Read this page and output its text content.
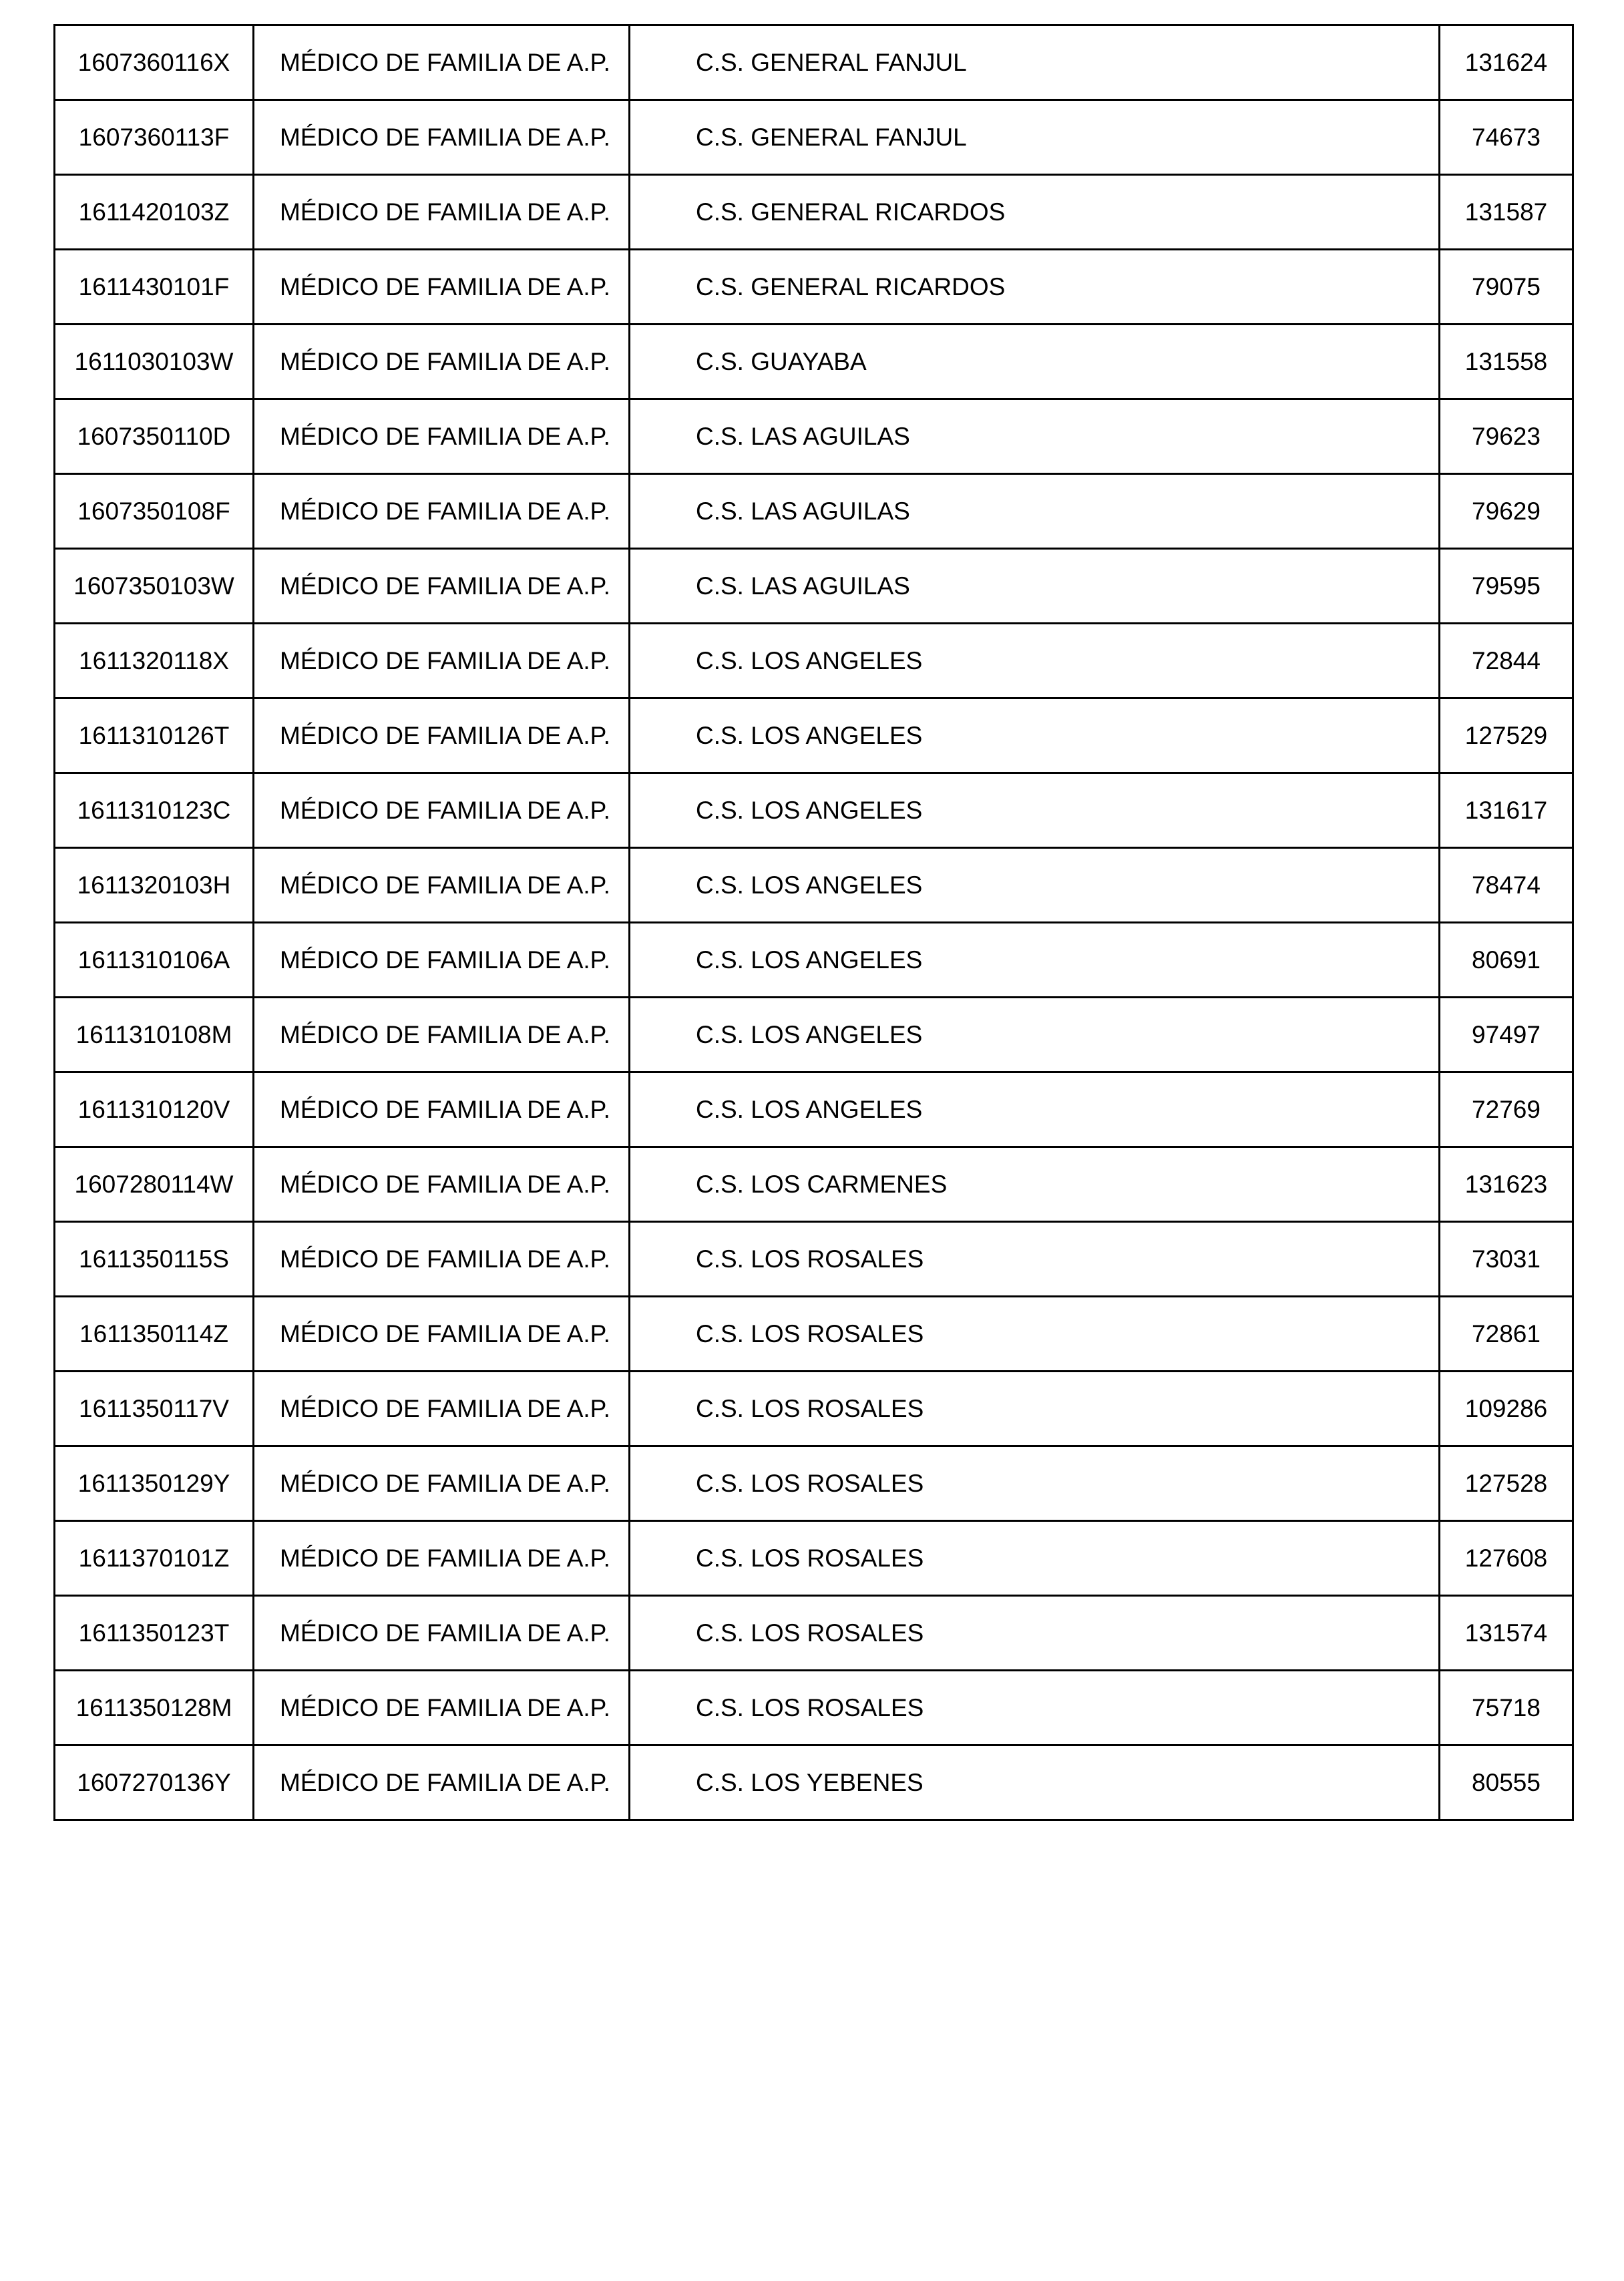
1607360116X	MÉDICO DE FAMILIA DE A.P.	C.S. GENERAL FANJUL	131624
1607360113F	MÉDICO DE FAMILIA DE A.P.	C.S. GENERAL FANJUL	74673
1611420103Z	MÉDICO DE FAMILIA DE A.P.	C.S. GENERAL RICARDOS	131587
1611430101F	MÉDICO DE FAMILIA DE A.P.	C.S. GENERAL RICARDOS	79075
1611030103W	MÉDICO DE FAMILIA DE A.P.	C.S. GUAYABA	131558
1607350110D	MÉDICO DE FAMILIA DE A.P.	C.S. LAS AGUILAS	79623
1607350108F	MÉDICO DE FAMILIA DE A.P.	C.S. LAS AGUILAS	79629
1607350103W	MÉDICO DE FAMILIA DE A.P.	C.S. LAS AGUILAS	79595
1611320118X	MÉDICO DE FAMILIA DE A.P.	C.S. LOS ANGELES	72844
1611310126T	MÉDICO DE FAMILIA DE A.P.	C.S. LOS ANGELES	127529
1611310123C	MÉDICO DE FAMILIA DE A.P.	C.S. LOS ANGELES	131617
1611320103H	MÉDICO DE FAMILIA DE A.P.	C.S. LOS ANGELES	78474
1611310106A	MÉDICO DE FAMILIA DE A.P.	C.S. LOS ANGELES	80691
1611310108M	MÉDICO DE FAMILIA DE A.P.	C.S. LOS ANGELES	97497
1611310120V	MÉDICO DE FAMILIA DE A.P.	C.S. LOS ANGELES	72769
1607280114W	MÉDICO DE FAMILIA DE A.P.	C.S. LOS CARMENES	131623
1611350115S	MÉDICO DE FAMILIA DE A.P.	C.S. LOS ROSALES	73031
1611350114Z	MÉDICO DE FAMILIA DE A.P.	C.S. LOS ROSALES	72861
1611350117V	MÉDICO DE FAMILIA DE A.P.	C.S. LOS ROSALES	109286
1611350129Y	MÉDICO DE FAMILIA DE A.P.	C.S. LOS ROSALES	127528
1611370101Z	MÉDICO DE FAMILIA DE A.P.	C.S. LOS ROSALES	127608
1611350123T	MÉDICO DE FAMILIA DE A.P.	C.S. LOS ROSALES	131574
1611350128M	MÉDICO DE FAMILIA DE A.P.	C.S. LOS ROSALES	75718
1607270136Y	MÉDICO DE FAMILIA DE A.P.	C.S. LOS YEBENES	80555
